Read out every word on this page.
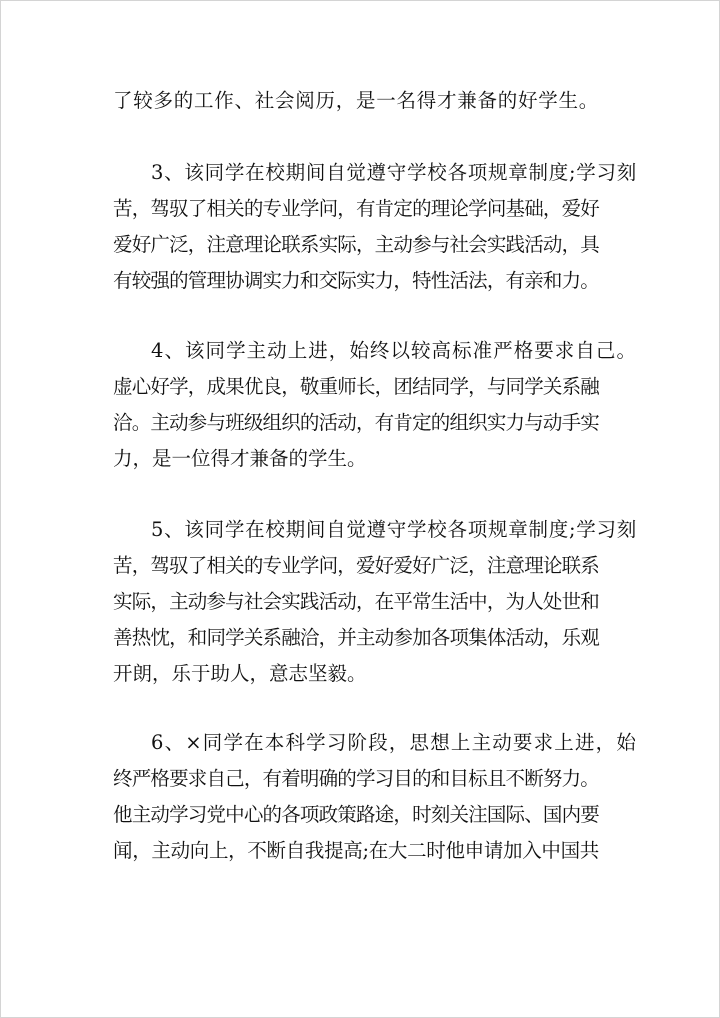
了较多的工作、社会阅历，是一名得才兼备的好学生。
3、该同学在校期间自觉遵守学校各项规章制度;学习刻
苦，驾驭了相关的专业学问，有肯定的理论学问基础，爱好
爱好广泛，注意理论联系实际，主动参与社会实践活动，具
有较强的管理协调实力和交际实力，特性活法，有亲和力。
4、该同学主动上进，始终以较高标准严格要求自己。
虚心好学，成果优良，敬重师长，团结同学，与同学关系融
洽。主动参与班级组织的活动，有肯定的组织实力与动手实
力，是一位得才兼备的学生。
5、该同学在校期间自觉遵守学校各项规章制度;学习刻
苦，驾驭了相关的专业学问，爱好爱好广泛，注意理论联系
实际，主动参与社会实践活动，在平常生活中，为人处世和
善热忱，和同学关系融洽，并主动参加各项集体活动，乐观
开朗，乐于助人，意志坚毅。
6、×同学在本科学习阶段，思想上主动要求上进，始
终严格要求自己，有着明确的学习目的和目标且不断努力。
他主动学习党中心的各项政策路途，时刻关注国际、国内要
闻，主动向上，不断自我提高;在大二时他申请加入中国共
